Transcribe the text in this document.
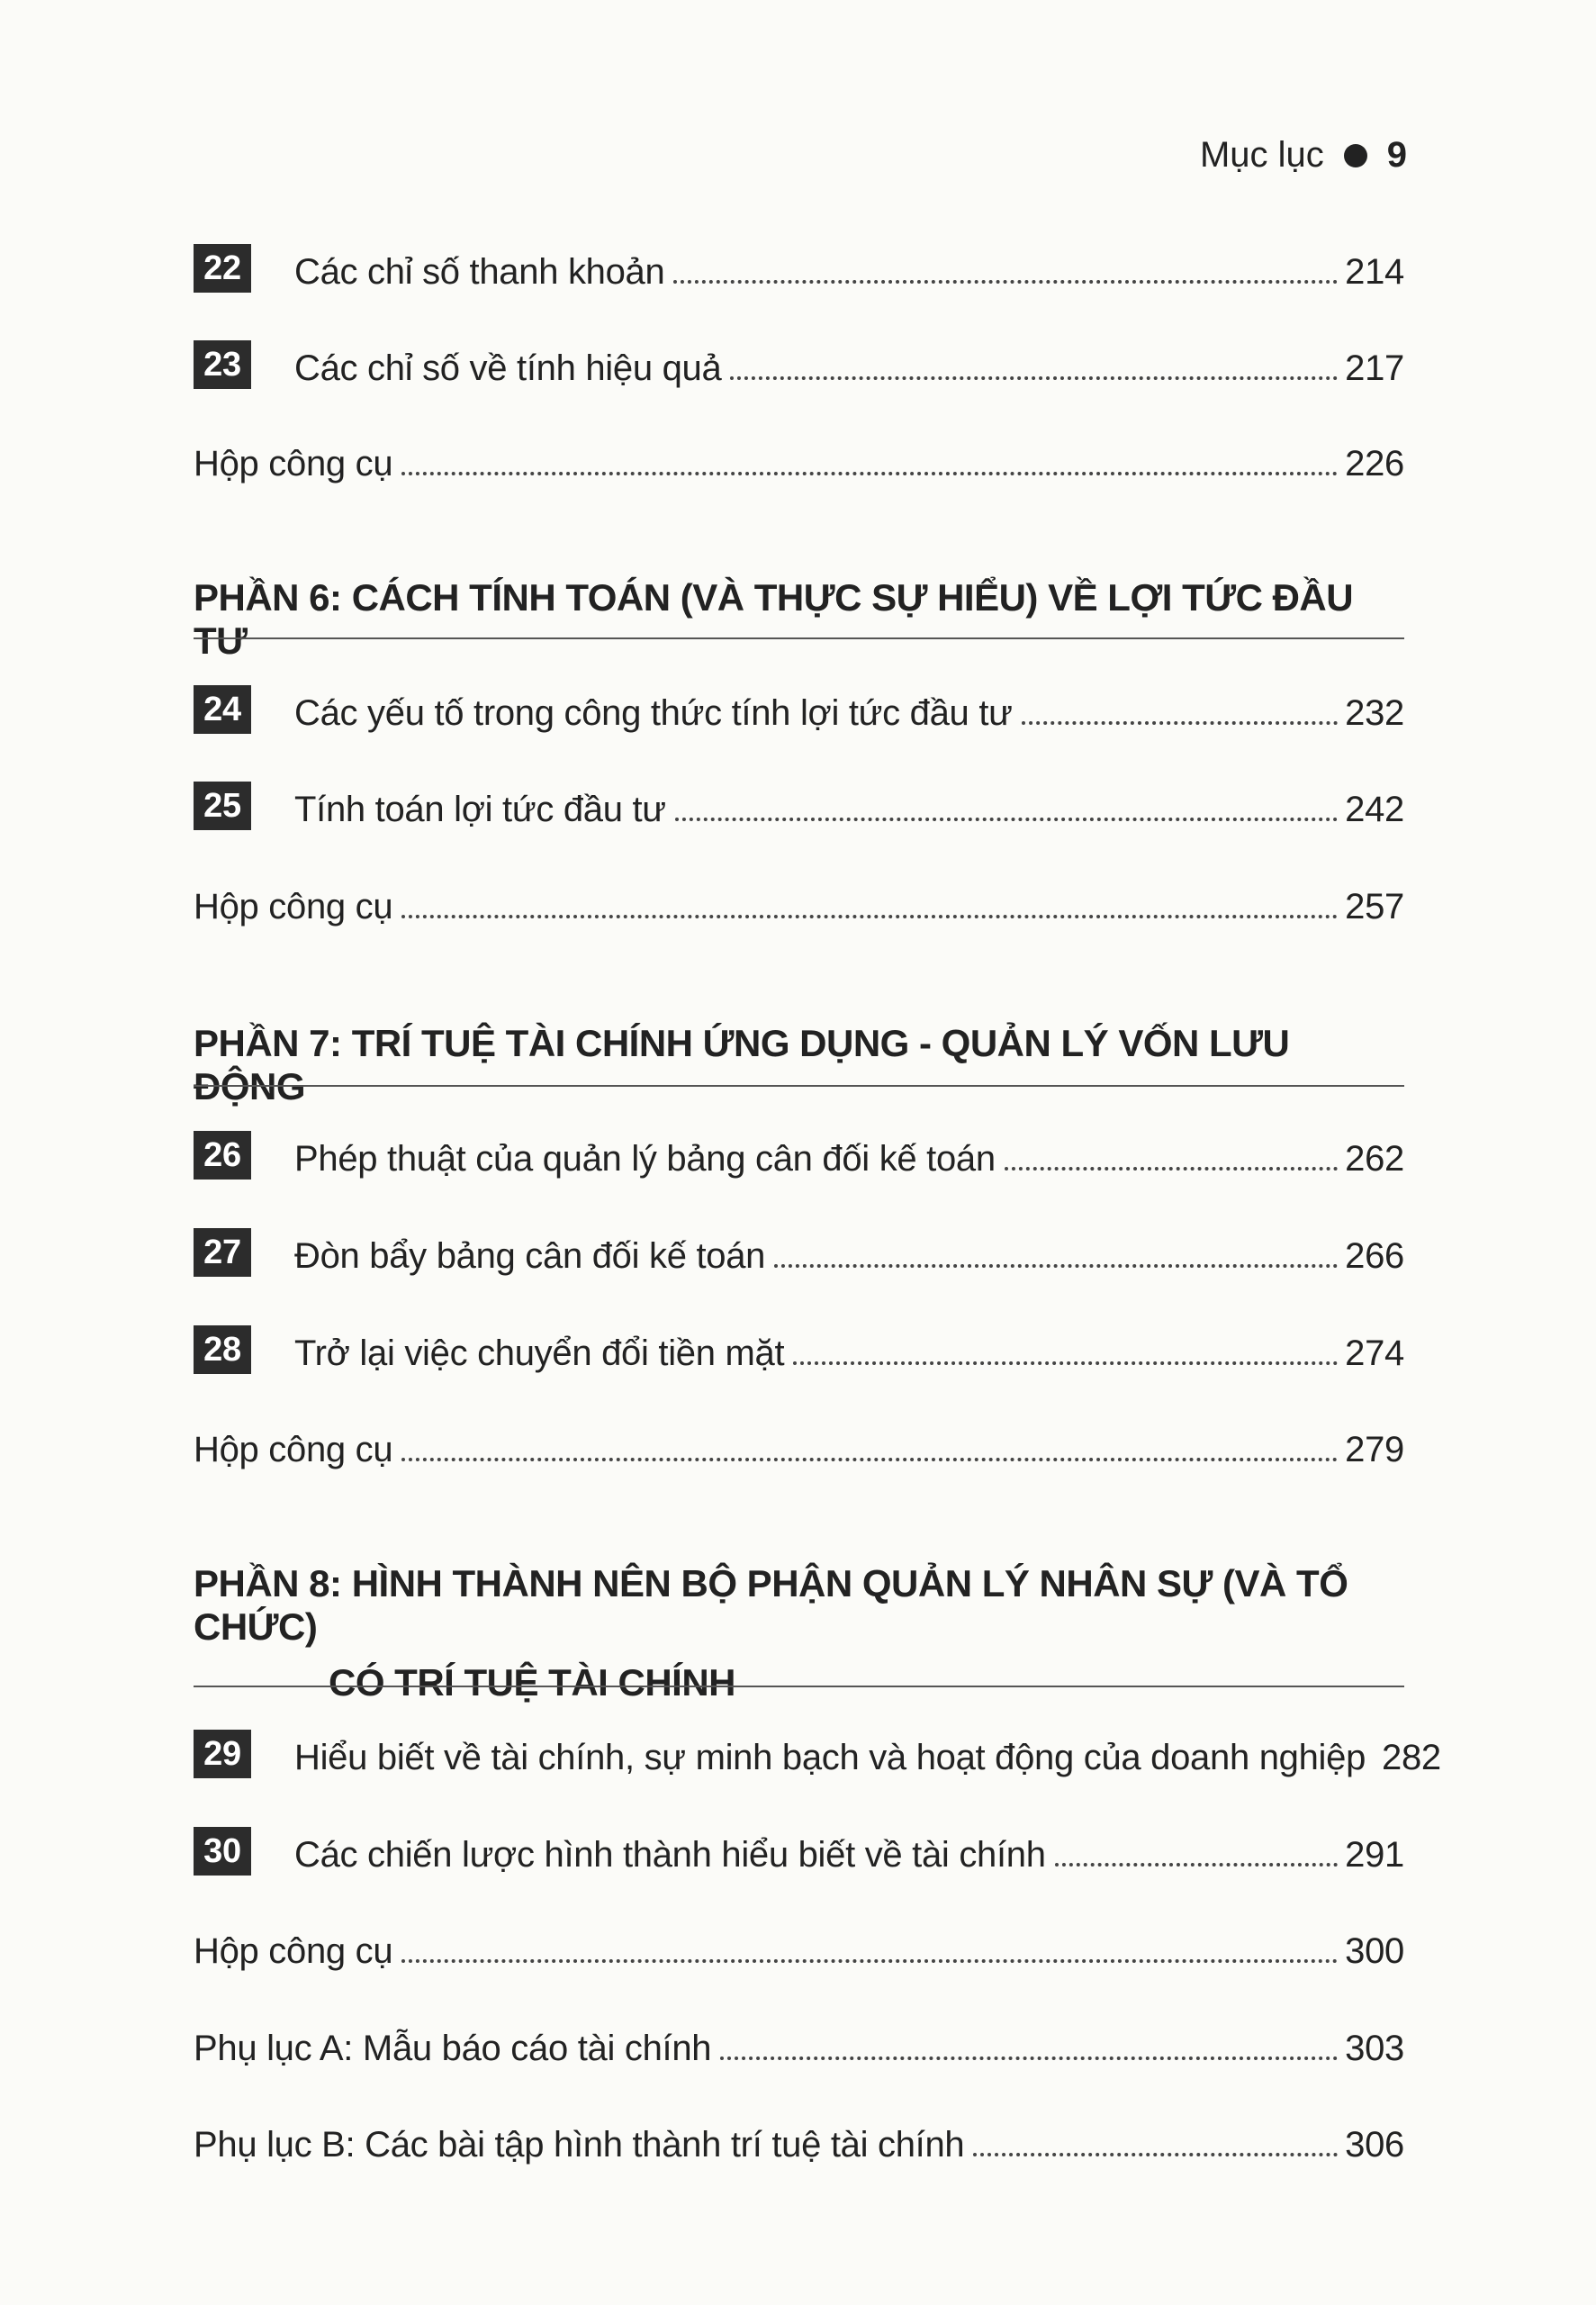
Mục lục 9
22 Các chỉ số thanh khoản	214
23 Các chỉ số về tính hiệu quả	217
Hộp công cụ	226
PHẦN 6: CÁCH TÍNH TOÁN (VÀ THỰC SỰ HIỂU) VỀ LỢI TỨC ĐẦU TƯ
24 Các yếu tố trong công thức tính lợi tức đầu tư	232
25 Tính toán lợi tức đầu tư	242
Hộp công cụ	257
PHẦN 7: TRÍ TUỆ TÀI CHÍNH ỨNG DỤNG - QUẢN LÝ VỐN LƯU ĐỘNG
26 Phép thuật của quản lý bảng cân đối kế toán	262
27 Đòn bẩy bảng cân đối kế toán	266
28 Trở lại việc chuyển đổi tiền mặt	274
Hộp công cụ	279
PHẦN 8: HÌNH THÀNH NÊN BỘ PHẬN QUẢN LÝ NHÂN SỰ (VÀ TỔ CHỨC)
CÓ TRÍ TUỆ TÀI CHÍNH
29 Hiểu biết về tài chính, sự minh bạch và hoạt động của doanh nghiệp 282
30 Các chiến lược hình thành hiểu biết về tài chính	291
Hộp công cụ	300
Phụ lục A: Mẫu báo cáo tài chính	303
Phụ lục B: Các bài tập hình thành trí tuệ tài chính	306
